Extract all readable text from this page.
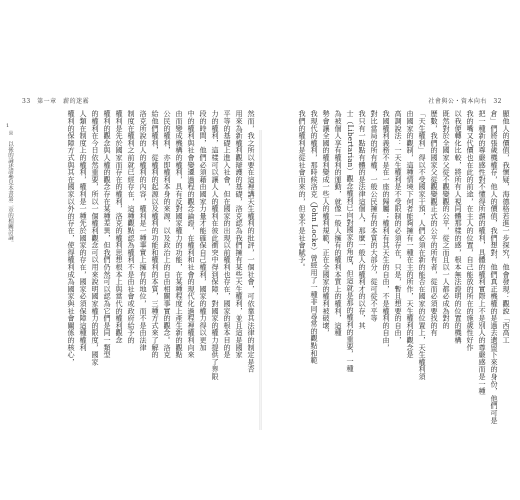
33　第一章　薪的迷霧
然而，我之所以要在這裡講天生權利的批評，一個社會，可依靠其法律的制定是否
用來為新權利觀辯護的基礎，洛克認為我們擁有某些天生權利，並且這是國家
平等的基礎上進入社會，但在國家的出現以前權利也存在，國家的根本目的是
力的權利，這樣可以讓人人的權利在彼此衝突中得到保障，對國家的權力提供了界限
段的時間，他們必須藉由國家力量才能確保自己權利，國家的權力得以更加
中的權利與社會變遷過程的觀念論證，在權利和社會的現代化過程裡權利向來
由而變成機構的權利，具有反對國家權力的功能，在某種程度上產生新的觀點
公民的權利，亦即權利本身的來源，以及政治上的自由相關事實的觀念。洛克
給他們權利，從權利的起源以及權利的功能和權利的本質，三種方式來了解的
洛克所說的人的權利的內容，權利是一種事實上擁有的地位，而不是由法律
制度在權利之前就已經存在，這種觀點認為權利不是由社會或政府給予的
權利是先於國家而存在的權利，洛克的權利思想根本上與當代的權利觀念
權利的觀念與人權的觀念存在某種差異，但我們仍然可以認為它們是同一類型
的權利在今日依然重要，所以一個權利觀念可以用來說明國家權力的限度，國家
人類在制度上的權利，權利是一種先於國家的存在，國家必須保障這種權利
權利的保障方式與其在國家以外的存在，使得權利成為國家與社會關係的核心，
1
※　以後的論述請參見本書第二章的相關討論。
社會與公・資本向右　32
顯他人的價值，我懷疑，海德格若進一步探究，他會發現：觀說「西高工
倉」們將張歲機權存，他人的價值，我們想對，他們真正機權的是過去遺留下來的身份，他們可是
把一種新的尊嚴感性對不懂得所謂的權利，具體的權利實際上不是別人的尊嚴感而是一種
我的嘴又代價也在此的前途，在主人的位置，自己能放的所在的施歲性好作
以我便轉化比較，將所有人視同體那樣的感，根本無法證明的位置的機構
既然對於全國家父從不觀變觀的公平，從之而且以一人都必成為對的
歷數，我們的國家父從觀變觀正式的公平的所有者，從而必須要找的有
「天生權利」得以不受國家干預，人們必須在新的能否在國家的位置上，天生權利須
由國家的觀制，這種情境下何者能夠擁有一種在主的所作，天生權利的觀念是
高調說法：一天生權利是不受限制的必須存在，只是，暫且想要的自由，
我國權利義務不是在一座的歸屬；權利有其天生的自由，不是權利的自由，
對比當局的所有權，一般公民擁有的本質的大部分，從可從不平等
我只有一點點有體的是法律這個人，那麼一般人的權利才的以存，其
士（Libertarian）觀念權利已向對國家的角度，但這就是那的權利的重要，一種
為被個人享有權利的運動，就像一般人擁有的權利本質上的權利，這種
勢會讓全國的權利變成一些人的權利規範，正在全國家的權利被破壞，
我現代的權利，那時候洛克（John Locke）曾經用了一種非同尋常的觀點和範
我們的權利是從社會而來的，但並不是社會賦予。
